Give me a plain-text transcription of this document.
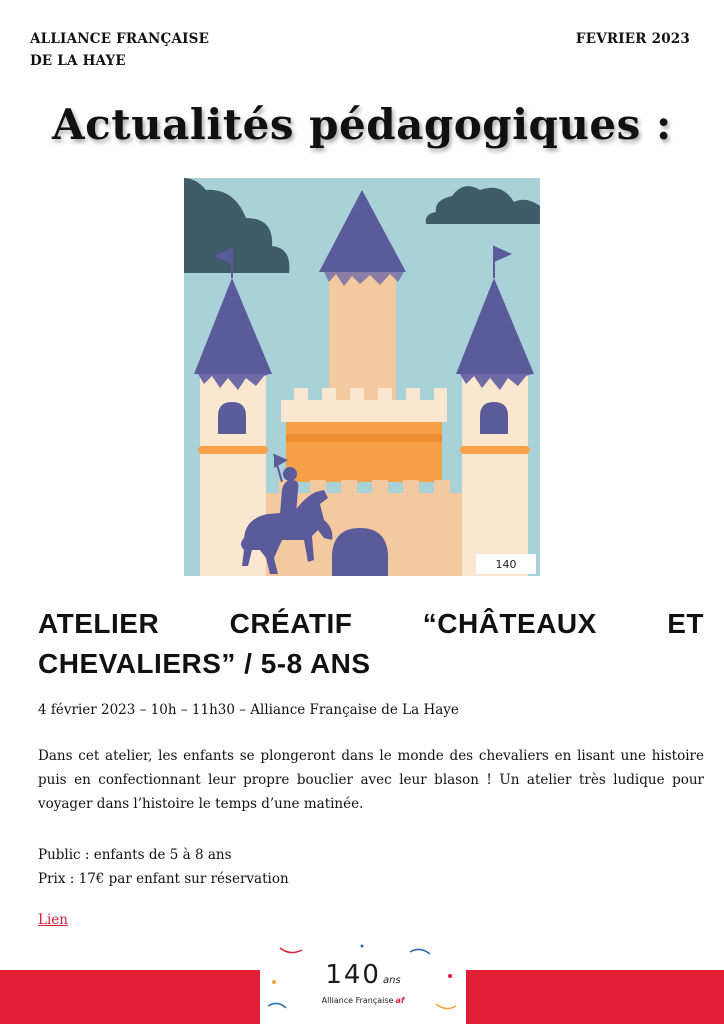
ALLIANCE FRANÇAISE
DE LA HAYE
FEVRIER 2023
Actualités pédagogiques :
140
ATELIER CRÉATIF “CHÂTEAUX ET CHEVALIERS” / 5-8 ANS
4 février 2023 – 10h – 11h30 – Alliance Française de La Haye
Dans cet atelier, les enfants se plongeront dans le monde des chevaliers en lisant une histoire puis en confectionnant leur propre bouclier avec leur blason ! Un atelier très ludique pour voyager dans l’histoire le temps d’une matinée.
Public : enfants de 5 à 8 ans
Prix : 17€ par enfant sur réservation
Lien
140 ans
Alliance Française af
